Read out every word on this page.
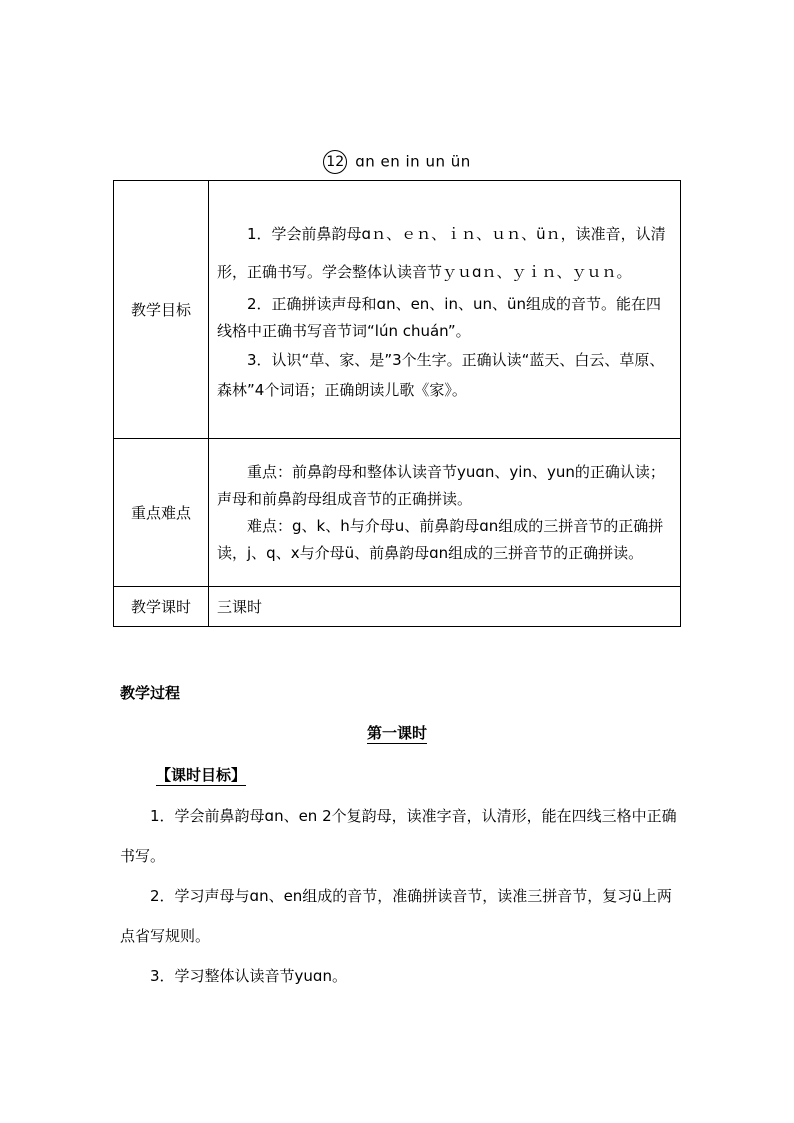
12 ɑn en in un ün
教学目标	1．学会前鼻韵母ɑｎ、ｅｎ、ｉｎ、ｕｎ、üｎ，读准音，认清形，正确书写。学会整体认读音节ｙｕɑｎ、ｙｉｎ、ｙｕｎ。

2．正确拼读声母和ɑn、en、in、un、ün组成的音节。能在四线格中正确书写音节词“lún chuán”。

3．认识“草、家、是”3个生字。正确认读“蓝天、白云、草原、森林”4个词语；正确朗读儿歌《家》。

重点难点	重点：前鼻韵母和整体认读音节yuɑn、yin、yun的正确认读；声母和前鼻韵母组成音节的正确拼读。

难点：g、k、h与介母u、前鼻韵母ɑn组成的三拼音节的正确拼读，j、q、x与介母ü、前鼻韵母ɑn组成的三拼音节的正确拼读。

教学课时	三课时

教学过程
第一课时
【课时目标】

1．学会前鼻韵母ɑn、en 2个复韵母，读准字音，认清形，能在四线三格中正确书写。

2．学习声母与ɑn、en组成的音节，准确拼读音节，读准三拼音节，复习ü上两点省写规则。

3．学习整体认读音节yuɑn。
